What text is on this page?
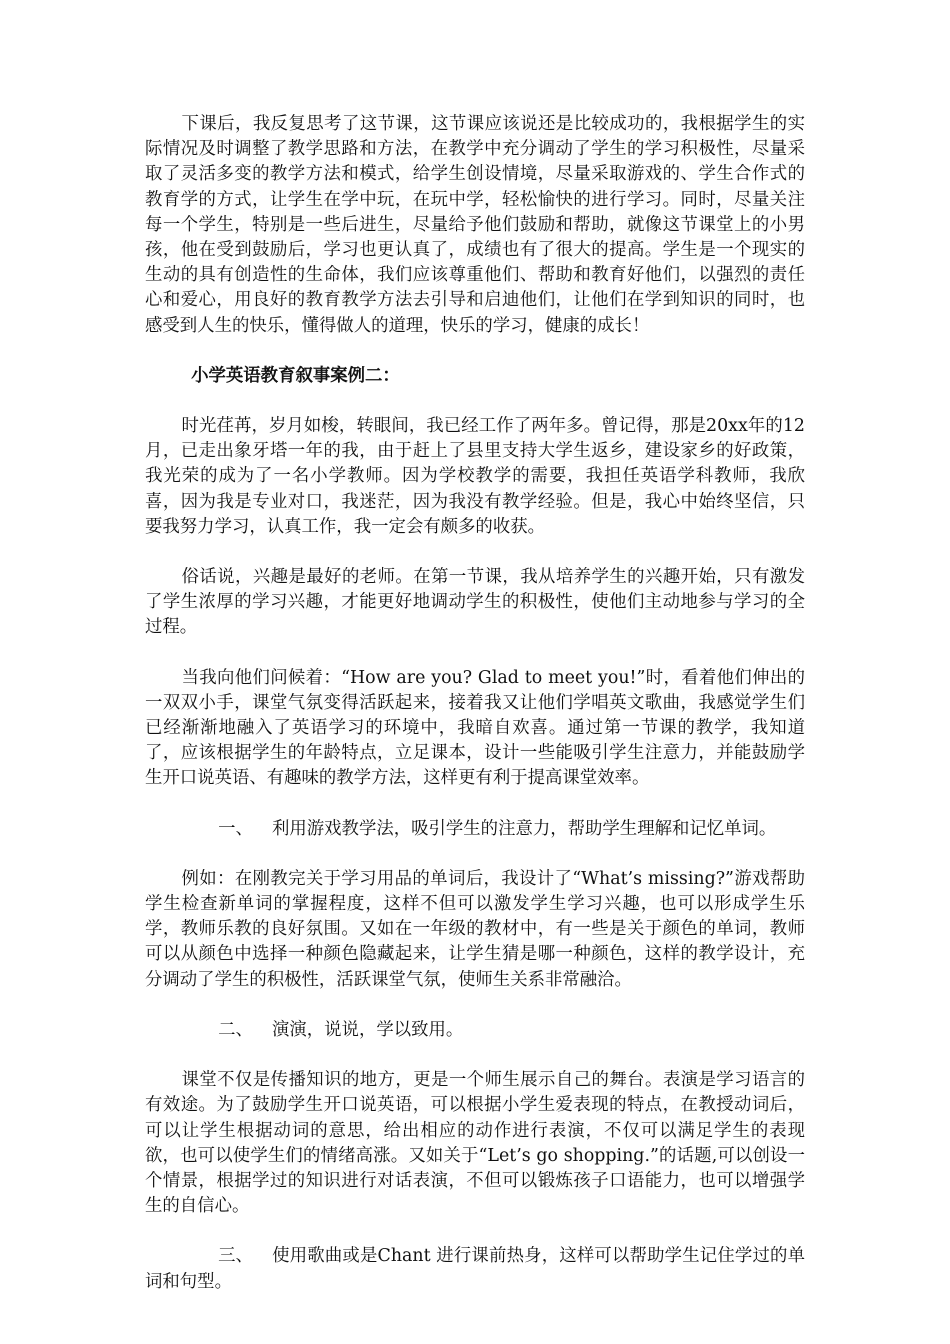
下课后，我反复思考了这节课，这节课应该说还是比较成功的，我根据学生的实际情况及时调整了教学思路和方法，在教学中充分调动了学生的学习积极性，尽量采取了灵活多变的教学方法和模式，给学生创设情境，尽量采取游戏的、学生合作式的教育学的方式，让学生在学中玩，在玩中学，轻松愉快的进行学习。同时，尽量关注每一个学生，特别是一些后进生，尽量给予他们鼓励和帮助，就像这节课堂上的小男孩，他在受到鼓励后，学习也更认真了，成绩也有了很大的提高。学生是一个现实的生动的具有创造性的生命体，我们应该尊重他们、帮助和教育好他们，以强烈的责任心和爱心，用良好的教育教学方法去引导和启迪他们，让他们在学到知识的同时，也感受到人生的快乐，懂得做人的道理，快乐的学习，健康的成长！

小学英语教育叙事案例二：

时光荏苒，岁月如梭，转眼间，我已经工作了两年多。曾记得，那是20xx年的12月，已走出象牙塔一年的我，由于赶上了县里支持大学生返乡，建设家乡的好政策，我光荣的成为了一名小学教师。因为学校教学的需要，我担任英语学科教师，我欣喜，因为我是专业对口，我迷茫，因为我没有教学经验。但是，我心中始终坚信，只要我努力学习，认真工作，我一定会有颇多的收获。

俗话说，兴趣是最好的老师。在第一节课，我从培养学生的兴趣开始，只有激发了学生浓厚的学习兴趣，才能更好地调动学生的积极性，使他们主动地参与学习的全过程。

当我向他们问候着：“How are you? Glad to meet you!”时，看着他们伸出的一双双小手，课堂气氛变得活跃起来，接着我又让他们学唱英文歌曲，我感觉学生们已经渐渐地融入了英语学习的环境中，我暗自欢喜。通过第一节课的教学，我知道了，应该根据学生的年龄特点，立足课本，设计一些能吸引学生注意力，并能鼓励学生开口说英语、有趣味的教学方法，这样更有利于提高课堂效率。

一、 利用游戏教学法，吸引学生的注意力，帮助学生理解和记忆单词。

例如：在刚教完关于学习用品的单词后，我设计了“What’s missing?”游戏帮助学生检查新单词的掌握程度，这样不但可以激发学生学习兴趣，也可以形成学生乐学，教师乐教的良好氛围。又如在一年级的教材中，有一些是关于颜色的单词，教师可以从颜色中选择一种颜色隐藏起来，让学生猜是哪一种颜色，这样的教学设计，充分调动了学生的积极性，活跃课堂气氛，使师生关系非常融洽。

二、 演演，说说，学以致用。

课堂不仅是传播知识的地方，更是一个师生展示自己的舞台。表演是学习语言的有效途。为了鼓励学生开口说英语，可以根据小学生爱表现的特点，在教授动词后，可以让学生根据动词的意思，给出相应的动作进行表演，不仅可以满足学生的表现欲，也可以使学生们的情绪高涨。又如关于“Let’s go shopping.”的话题,可以创设一个情景，根据学过的知识进行对话表演，不但可以锻炼孩子口语能力，也可以增强学生的自信心。

三、 使用歌曲或是Chant 进行课前热身，这样可以帮助学生记住学过的单词和句型。
